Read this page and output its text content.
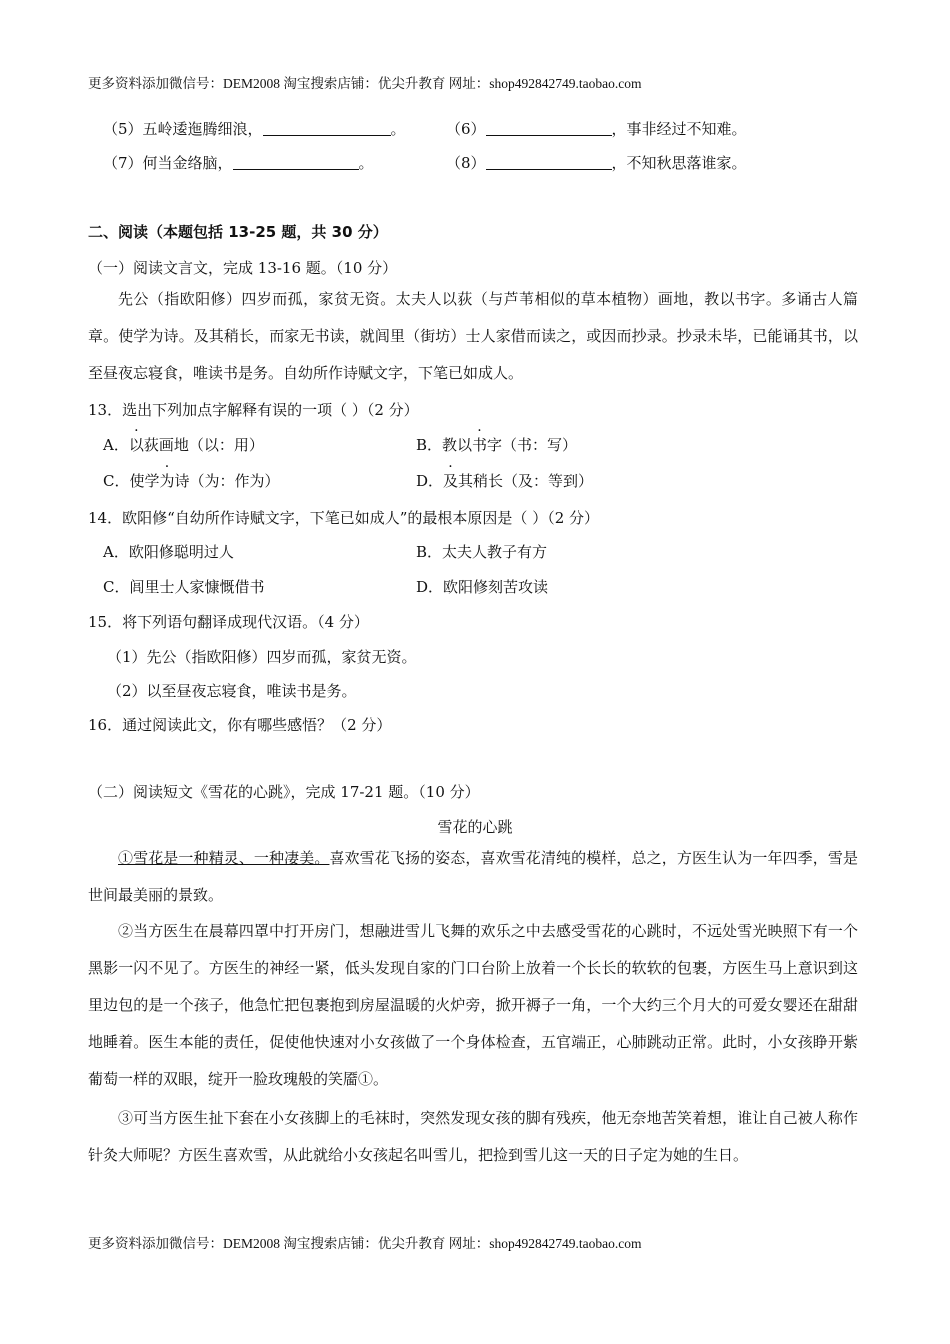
更多资料添加微信号：DEM2008 淘宝搜索店铺：优尖升教育 网址：shop492842749.taobao.com
（5）五岭逶迤腾细浪，	。	（6）	，事非经过不知难。
（7）何当金络脑，	。	（8）	，不知秋思落谁家。
二、阅读（本题包括 13-25 题，共 30 分）
（一）阅读文言文，完成 13-16 题。（10 分）
先公（指欧阳修）四岁而孤，家贫无资。太夫人以荻（与芦苇相似的草本植物）画地，教以书字。多诵古人篇章。使学为诗。及其稍长，而家无书读，就闾里（街坊）士人家借而读之，或因而抄录。抄录未毕，已能诵其书，以至昼夜忘寝食，唯读书是务。自幼所作诗赋文字，下笔已如成人。
13．选出下列加点字解释有误的一项（ ）（2 分）
A．以荻画地（以：用）	B．教以书字（书：写）
C．使学为诗（为：作为）	D．及其稍长（及：等到）
14．欧阳修“自幼所作诗赋文字，下笔已如成人”的最根本原因是（ ）（2 分）
A．欧阳修聪明过人	B．太夫人教子有方
C．闾里士人家慷慨借书	D．欧阳修刻苦攻读
15．将下列语句翻译成现代汉语。（4 分）
（1）先公（指欧阳修）四岁而孤，家贫无资。
（2）以至昼夜忘寝食，唯读书是务。
16．通过阅读此文，你有哪些感悟？（2 分）
（二）阅读短文《雪花的心跳》，完成 17-21 题。（10 分）
雪花的心跳
①雪花是一种精灵、一种凄美。喜欢雪花飞扬的姿态，喜欢雪花清纯的模样，总之，方医生认为一年四季，雪是世间最美丽的景致。
②当方医生在晨幕四罩中打开房门，想融进雪儿飞舞的欢乐之中去感受雪花的心跳时，不远处雪光映照下有一个黑影一闪不见了。方医生的神经一紧，低头发现自家的门口台阶上放着一个长长的软软的包裹，方医生马上意识到这里边包的是一个孩子，他急忙把包裹抱到房屋温暖的火炉旁，掀开褥子一角，一个大约三个月大的可爱女婴还在甜甜地睡着。医生本能的责任，促使他快速对小女孩做了一个身体检查，五官端正，心肺跳动正常。此时，小女孩睁开紫葡萄一样的双眼，绽开一脸玫瑰般的笑靥①。
③可当方医生扯下套在小女孩脚上的毛袜时，突然发现女孩的脚有残疾，他无奈地苦笑着想，谁让自己被人称作针灸大师呢？方医生喜欢雪，从此就给小女孩起名叫雪儿，把捡到雪儿这一天的日子定为她的生日。
更多资料添加微信号：DEM2008 淘宝搜索店铺：优尖升教育 网址：shop492842749.taobao.com
